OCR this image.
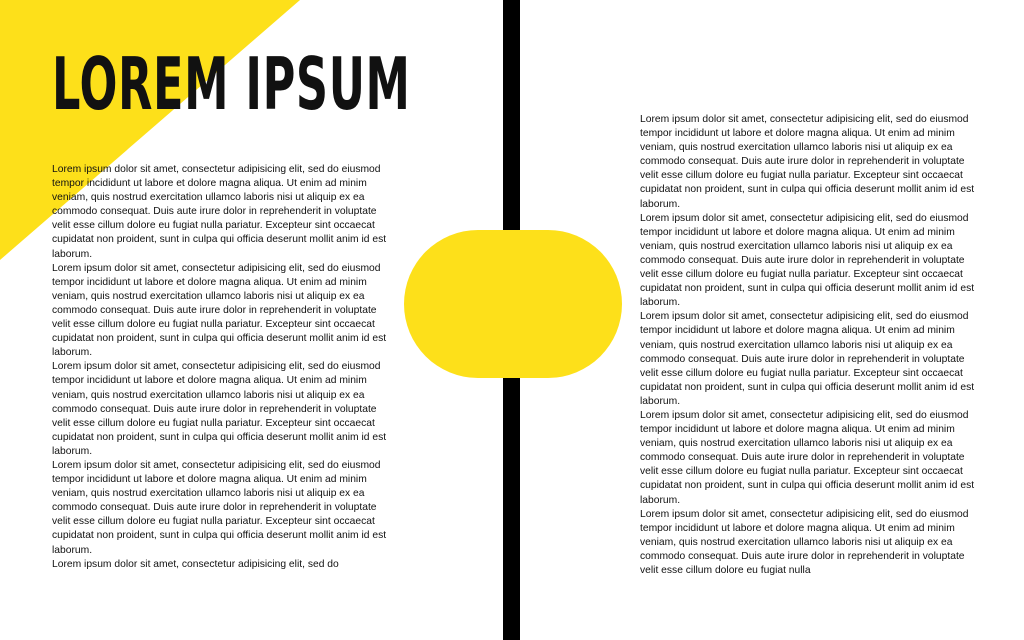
LOREM IPSUM

Lorem ipsum dolor sit amet, consectetur adipisicing elit, sed do eiusmod tempor incididunt ut labore et dolore magna aliqua. Ut enim ad minim veniam, quis nostrud exercitation ullamco laboris nisi ut aliquip ex ea commodo consequat. Duis aute irure dolor in reprehenderit in voluptate velit esse cillum dolore eu fugiat nulla pariatur. Excepteur sint occaecat cupidatat non proident, sunt in culpa qui officia deserunt mollit anim id est laborum.

Lorem ipsum dolor sit amet, consectetur adipisicing elit, sed do eiusmod tempor incididunt ut labore et dolore magna aliqua. Ut enim ad minim veniam, quis nostrud exercitation ullamco laboris nisi ut aliquip ex ea commodo consequat. Duis aute irure dolor in reprehenderit in voluptate velit esse cillum dolore eu fugiat nulla pariatur. Excepteur sint occaecat cupidatat non proident, sunt in culpa qui officia deserunt mollit anim id est laborum.

Lorem ipsum dolor sit amet, consectetur adipisicing elit, sed do eiusmod tempor incididunt ut labore et dolore magna aliqua. Ut enim ad minim veniam, quis nostrud exercitation ullamco laboris nisi ut aliquip ex ea commodo consequat. Duis aute irure dolor in reprehenderit in voluptate velit esse cillum dolore eu fugiat nulla pariatur. Excepteur sint occaecat cupidatat non proident, sunt in culpa qui officia deserunt mollit anim id est laborum.

Lorem ipsum dolor sit amet, consectetur adipisicing elit, sed do eiusmod tempor incididunt ut labore et dolore magna aliqua. Ut enim ad minim veniam, quis nostrud exercitation ullamco laboris nisi ut aliquip ex ea commodo consequat. Duis aute irure dolor in reprehenderit in voluptate velit esse cillum dolore eu fugiat nulla pariatur. Excepteur sint occaecat cupidatat non proident, sunt in culpa qui officia deserunt mollit anim id est laborum.

Lorem ipsum dolor sit amet, consectetur adipisicing elit, sed do

Lorem ipsum dolor sit amet, consectetur adipisicing elit, sed do eiusmod tempor incididunt ut labore et dolore magna aliqua. Ut enim ad minim veniam, quis nostrud exercitation ullamco laboris nisi ut aliquip ex ea commodo consequat. Duis aute irure dolor in reprehenderit in voluptate velit esse cillum dolore eu fugiat nulla pariatur. Excepteur sint occaecat cupidatat non proident, sunt in culpa qui officia deserunt mollit anim id est laborum.

Lorem ipsum dolor sit amet, consectetur adipisicing elit, sed do eiusmod tempor incididunt ut labore et dolore magna aliqua. Ut enim ad minim veniam, quis nostrud exercitation ullamco laboris nisi ut aliquip ex ea commodo consequat. Duis aute irure dolor in reprehenderit in voluptate velit esse cillum dolore eu fugiat nulla pariatur. Excepteur sint occaecat cupidatat non proident, sunt in culpa qui officia deserunt mollit anim id est laborum.

Lorem ipsum dolor sit amet, consectetur adipisicing elit, sed do eiusmod tempor incididunt ut labore et dolore magna aliqua. Ut enim ad minim veniam, quis nostrud exercitation ullamco laboris nisi ut aliquip ex ea commodo consequat. Duis aute irure dolor in reprehenderit in voluptate velit esse cillum dolore eu fugiat nulla pariatur. Excepteur sint occaecat cupidatat non proident, sunt in culpa qui officia deserunt mollit anim id est laborum.

Lorem ipsum dolor sit amet, consectetur adipisicing elit, sed do eiusmod tempor incididunt ut labore et dolore magna aliqua. Ut enim ad minim veniam, quis nostrud exercitation ullamco laboris nisi ut aliquip ex ea commodo consequat. Duis aute irure dolor in reprehenderit in voluptate velit esse cillum dolore eu fugiat nulla pariatur. Excepteur sint occaecat cupidatat non proident, sunt in culpa qui officia deserunt mollit anim id est laborum.

Lorem ipsum dolor sit amet, consectetur adipisicing elit, sed do eiusmod tempor incididunt ut labore et dolore magna aliqua. Ut enim ad minim veniam, quis nostrud exercitation ullamco laboris nisi ut aliquip ex ea commodo consequat. Duis aute irure dolor in reprehenderit in voluptate velit esse cillum dolore eu fugiat nulla
